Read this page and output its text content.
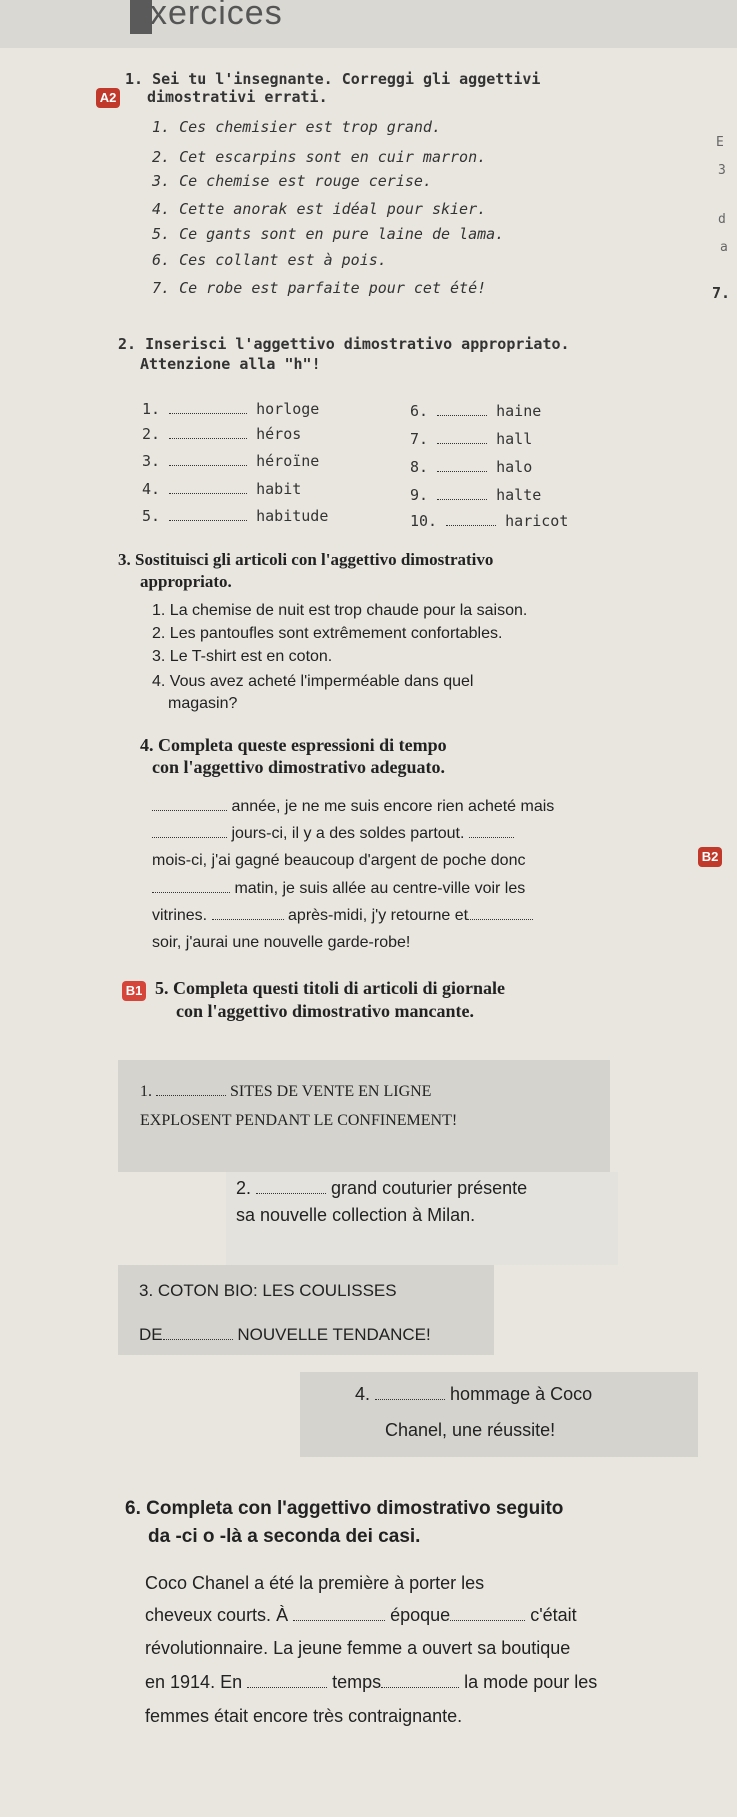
xercices
A2
1. Sei tu l'insegnante. Correggi gli aggettivi
dimostrativi errati.
1. Ces chemisier est trop grand.
2. Cet escarpins sont en cuir marron.
3. Ce chemise est rouge cerise.
4. Cette anorak est idéal pour skier.
5. Ce gants sont en pure laine de lama.
6. Ces collant est à pois.
7. Ce robe est parfaite pour cet été!
E
3
d
a
7.
2. Inserisci l'aggettivo dimostrativo appropriato.
Attenzione alla "h"!
1.	horloge
2.	héros
3.	héroïne
4.	habit
5.	habitude
6.	haine
7.	hall
8.	halo
9.	halte
10.	haricot
3. Sostituisci gli articoli con l'aggettivo dimostrativo
appropriato.
1. La chemise de nuit est trop chaude pour la saison.
2. Les pantoufles sont extrêmement confortables.
3. Le T-shirt est en coton.
4. Vous avez acheté l'imperméable dans quel
magasin?
4. Completa queste espressioni di tempo
con l'aggettivo dimostrativo adeguato.
année, je ne me suis encore rien acheté mais
jours-ci, il y a des soldes partout.
B2
mois-ci, j'ai gagné beaucoup d'argent de poche donc
matin, je suis allée au centre-ville voir les
vitrines.	après-midi, j'y retourne et
soir, j'aurai une nouvelle garde-robe!
B1 5. Completa questi titoli di articoli di giornale
con l'aggettivo dimostrativo mancante.
1.	SITES DE VENTE EN LIGNE
EXPLOSENT PENDANT LE CONFINEMENT!
2.	grand couturier présente
sa nouvelle collection à Milan.
3. COTON BIO: LES COULISSES
DE	NOUVELLE TENDANCE!
4.	hommage à Coco
Chanel, une réussite!
6. Completa con l'aggettivo dimostrativo seguito
da -ci o -là a seconda dei casi.
Coco Chanel a été la première à porter les
cheveux courts. À	époque	c'était
révolutionnaire. La jeune femme a ouvert sa boutique
en 1914. En	temps	la mode pour les
femmes était encore très contraignante.
